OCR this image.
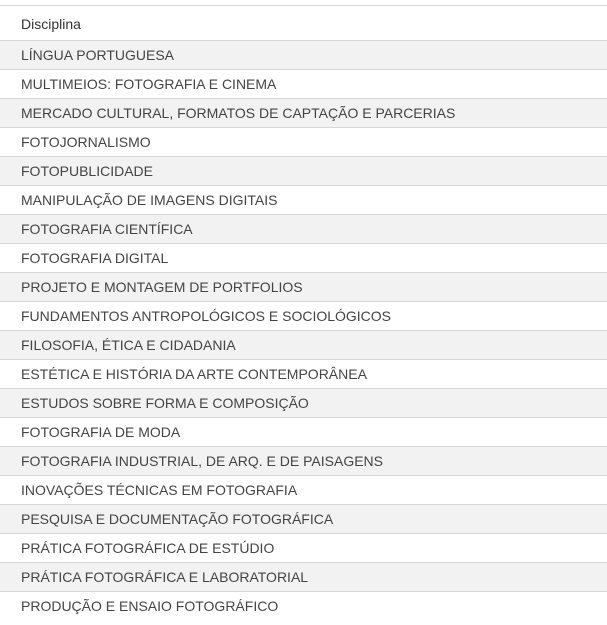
Disciplina
LÍNGUA PORTUGUESA
MULTIMEIOS: FOTOGRAFIA E CINEMA
MERCADO CULTURAL, FORMATOS DE CAPTAÇÃO E PARCERIAS
FOTOJORNALISMO
FOTOPUBLICIDADE
MANIPULAÇÃO DE IMAGENS DIGITAIS
FOTOGRAFIA CIENTÍFICA
FOTOGRAFIA DIGITAL
PROJETO E MONTAGEM DE PORTFOLIOS
FUNDAMENTOS ANTROPOLÓGICOS E SOCIOLÓGICOS
FILOSOFIA, ÉTICA E CIDADANIA
ESTÉTICA E HISTÓRIA DA ARTE CONTEMPORÂNEA
ESTUDOS SOBRE FORMA E COMPOSIÇÃO
FOTOGRAFIA DE MODA
FOTOGRAFIA INDUSTRIAL, DE ARQ. E DE PAISAGENS
INOVAÇÕES TÉCNICAS EM FOTOGRAFIA
PESQUISA E DOCUMENTAÇÃO FOTOGRÁFICA
PRÁTICA FOTOGRÁFICA DE ESTÚDIO
PRÁTICA FOTOGRÁFICA E LABORATORIAL
PRODUÇÃO E ENSAIO FOTOGRÁFICO
